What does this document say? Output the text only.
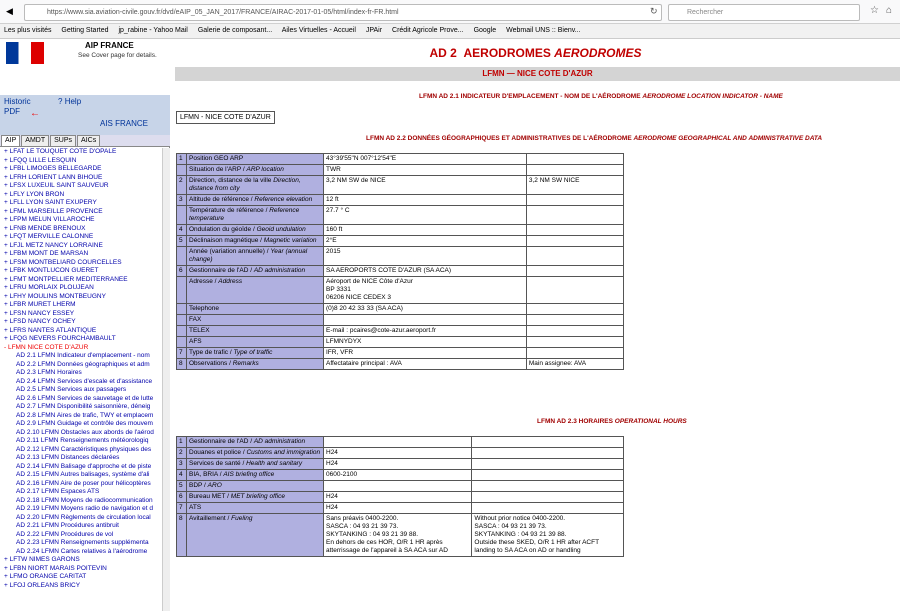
◀	https://www.sia.aviation-civile.gouv.fr/dvd/eAIP_05_JAN_2017/FRANCE/AIRAC-2017-01-05/html/index-fr-FR.html	↻	Rechercher	☆ ⌂
Les plus visités Getting Started jp_rabine - Yahoo Mail Galerie de composant... Ailes Virtuelles - Accueil JPAir Crédit Agricole Prove... Google Webmail UNS :: Bienv...
AIP FRANCE
See Cover page for details.
Historic	? Help
PDF ←
AIS FRANCE
AIP AMDT SUPs AICs
+ LFAT LE TOUQUET COTE D'OPALE
+ LFQQ LILLE LESQUIN
+ LFBL LIMOGES BELLEGARDE
+ LFRH LORIENT LANN BIHOUE
+ LFSX LUXEUIL SAINT SAUVEUR
+ LFLY LYON BRON
+ LFLL LYON SAINT EXUPERY
+ LFML MARSEILLE PROVENCE
+ LFPM MELUN VILLAROCHE
+ LFNB MENDE BRENOUX
+ LFQT MERVILLE CALONNE
+ LFJL METZ NANCY LORRAINE
+ LFBM MONT DE MARSAN
+ LFSM MONTBELIARD COURCELLES
+ LFBK MONTLUCON GUERET
+ LFMT MONTPELLIER MEDITERRANEE
+ LFRU MORLAIX PLOUJEAN
+ LFHY MOULINS MONTBEUGNY
+ LFBR MURET LHERM
+ LFSN NANCY ESSEY
+ LFSD NANCY OCHEY
+ LFRS NANTES ATLANTIQUE
+ LFQG NEVERS FOURCHAMBAULT
- LFMN NICE COTE D'AZUR
AD 2.1 LFMN Indicateur d'emplacement - nom
AD 2.2 LFMN Données géographiques et adm
AD 2.3 LFMN Horaires
AD 2.4 LFMN Services d'escale et d'assistance
AD 2.5 LFMN Services aux passagers
AD 2.6 LFMN Services de sauvetage et de lutte
AD 2.7 LFMN Disponibilité saisonnière, déneig
AD 2.8 LFMN Aires de trafic, TWY et emplacem
AD 2.9 LFMN Guidage et contrôle des mouvem
AD 2.10 LFMN Obstacles aux abords de l'aérod
AD 2.11 LFMN Renseignements météorologiq
AD 2.12 LFMN Caractéristiques physiques des
AD 2.13 LFMN Distances déclarées
AD 2.14 LFMN Balisage d'approche et de piste
AD 2.15 LFMN Autres balisages, système d'ali
AD 2.16 LFMN Aire de poser pour hélicoptères
AD 2.17 LFMN Espaces ATS
AD 2.18 LFMN Moyens de radiocommunication
AD 2.19 LFMN Moyens radio de navigation et d
AD 2.20 LFMN Règlements de circulation local
AD 2.21 LFMN Procédures antibruit
AD 2.22 LFMN Procédures de vol
AD 2.23 LFMN Renseignements supplémenta
AD 2.24 LFMN Cartes relatives à l'aérodrome
+ LFTW NIMES GARONS
+ LFBN NIORT MARAIS POITEVIN
+ LFMO ORANGE CARITAT
+ LFOJ ORLEANS BRICY
AD 2 AERODROMES AERODROMES
LFMN — NICE COTE D'AZUR
LFMN AD 2.1 INDICATEUR D'EMPLACEMENT - NOM DE L'AÉRODROME AERODROME LOCATION INDICATOR - NAME
LFMN - NICE COTE D'AZUR
LFMN AD 2.2 DONNÉES GÉOGRAPHIQUES ET ADMINISTRATIVES DE L'AÉRODROME AERODROME GEOGRAPHICAL AND ADMINISTRATIVE DATA
1	Position GEO ARP	43°39'55"N 007°12'54"E	
	Situation de l'ARP / ARP location	TWR	
2	Direction, distance de la ville Direction, distance from city	3,2 NM SW de NICE	3,2 NM SW NICE
3	Altitude de référence / Reference elevation	12 ft	
	Température de référence / Reference temperature	27.7 ° C	
4	Ondulation du géoïde / Geoid undulation	160 ft	
5	Déclinaison magnétique / Magnetic variation	2°E	
	Année (variation annuelle) / Year (annual change)	2015	
6	Gestionnaire de l'AD / AD administration	SA AEROPORTS COTE D'AZUR (SA ACA)	
	Adresse / Address	Aéroport de NICE Côte d'Azur
BP 3331
06206 NICE CEDEX 3	
	Telephone	(0)8 20 42 33 33 (SA ACA)	
	FAX		
	TELEX	E-mail : pcaires@cote-azur.aeroport.fr	
	AFS	LFMNYDYX	
7	Type de trafic / Type of traffic	IFR, VFR	
8	Observations / Remarks	Affectataire principal : AVA	Main assignee: AVA
LFMN AD 2.3 HORAIRES OPERATIONAL HOURS
1	Gestionnaire de l'AD / AD administration		
2	Douanes et police / Customs and immigration	H24	
3	Services de santé / Health and sanitary	H24	
4	BIA, BRIA / AIS briefing office	0600-2100	
5	BDP / ARO		
6	Bureau MET / MET briefing office	H24	
7	ATS	H24	
8	Avitaillement / Fueling	Sans préavis 0400-2200.
SASCA : 04 93 21 39 73.
SKYTANKING : 04 93 21 39 88.
En dehors de ces HOR, O/R 1 HR après
atterrissage de l'appareil à SA ACA sur AD	Without prior notice 0400-2200.
SASCA : 04 93 21 39 73.
SKYTANKING : 04 93 21 39 88.
Outside these SKED, O/R 1 HR after ACFT
landing to SA ACA on AD or handling
